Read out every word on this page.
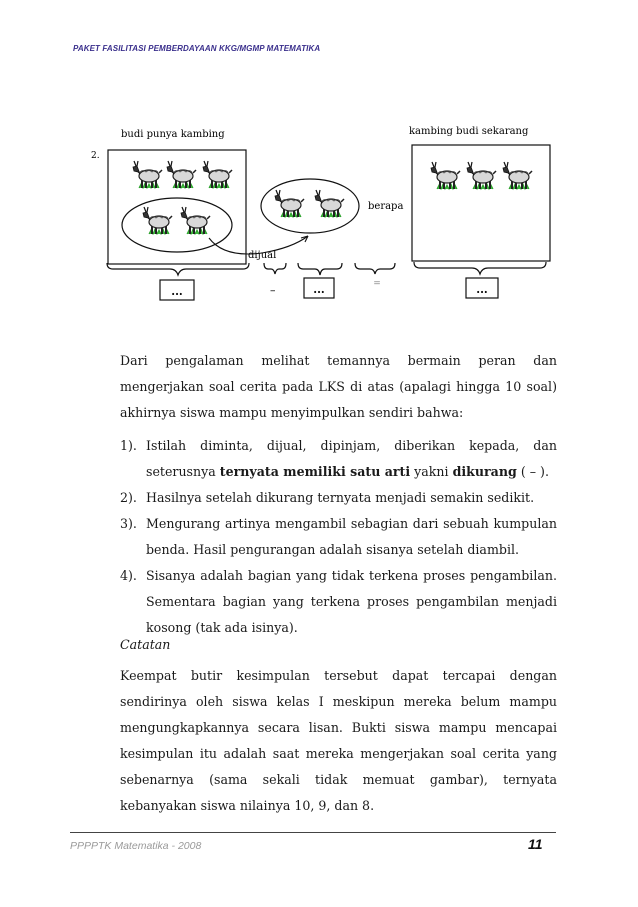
PAKET FASILITASI PEMBERDAYAAN KKG/MGMP MATEMATIKA
budi punya kambing	kambing budi sekarang
2.
dijual
berapa
...	–	...	=	...

Dari pengalaman melihat temannya bermain peran dan mengerjakan soal cerita pada LKS di atas (apalagi hingga 10 soal) akhirnya siswa mampu menyimpulkan sendiri bahwa:

1). Istilah diminta, dijual, dipinjam, diberikan kepada, dan seterusnya ternyata memiliki satu arti yakni dikurang ( – ).
2). Hasilnya setelah dikurang ternyata menjadi semakin sedikit.
3). Mengurang artinya mengambil sebagian dari sebuah kumpulan benda. Hasil pengurangan adalah sisanya setelah diambil.
4). Sisanya adalah bagian yang tidak terkena proses pengambilan. Sementara bagian yang terkena proses pengambilan menjadi kosong (tak ada isinya).
Catatan

Keempat butir kesimpulan tersebut dapat tercapai dengan sendirinya oleh siswa kelas I meskipun mereka belum mampu mengungkapkannya secara lisan. Bukti siswa mampu mencapai kesimpulan itu adalah saat mereka mengerjakan soal cerita yang sebenarnya (sama sekali tidak memuat gambar), ternyata kebanyakan siswa nilainya 10, 9, dan 8.

PPPPTK Matematika - 2008	11
